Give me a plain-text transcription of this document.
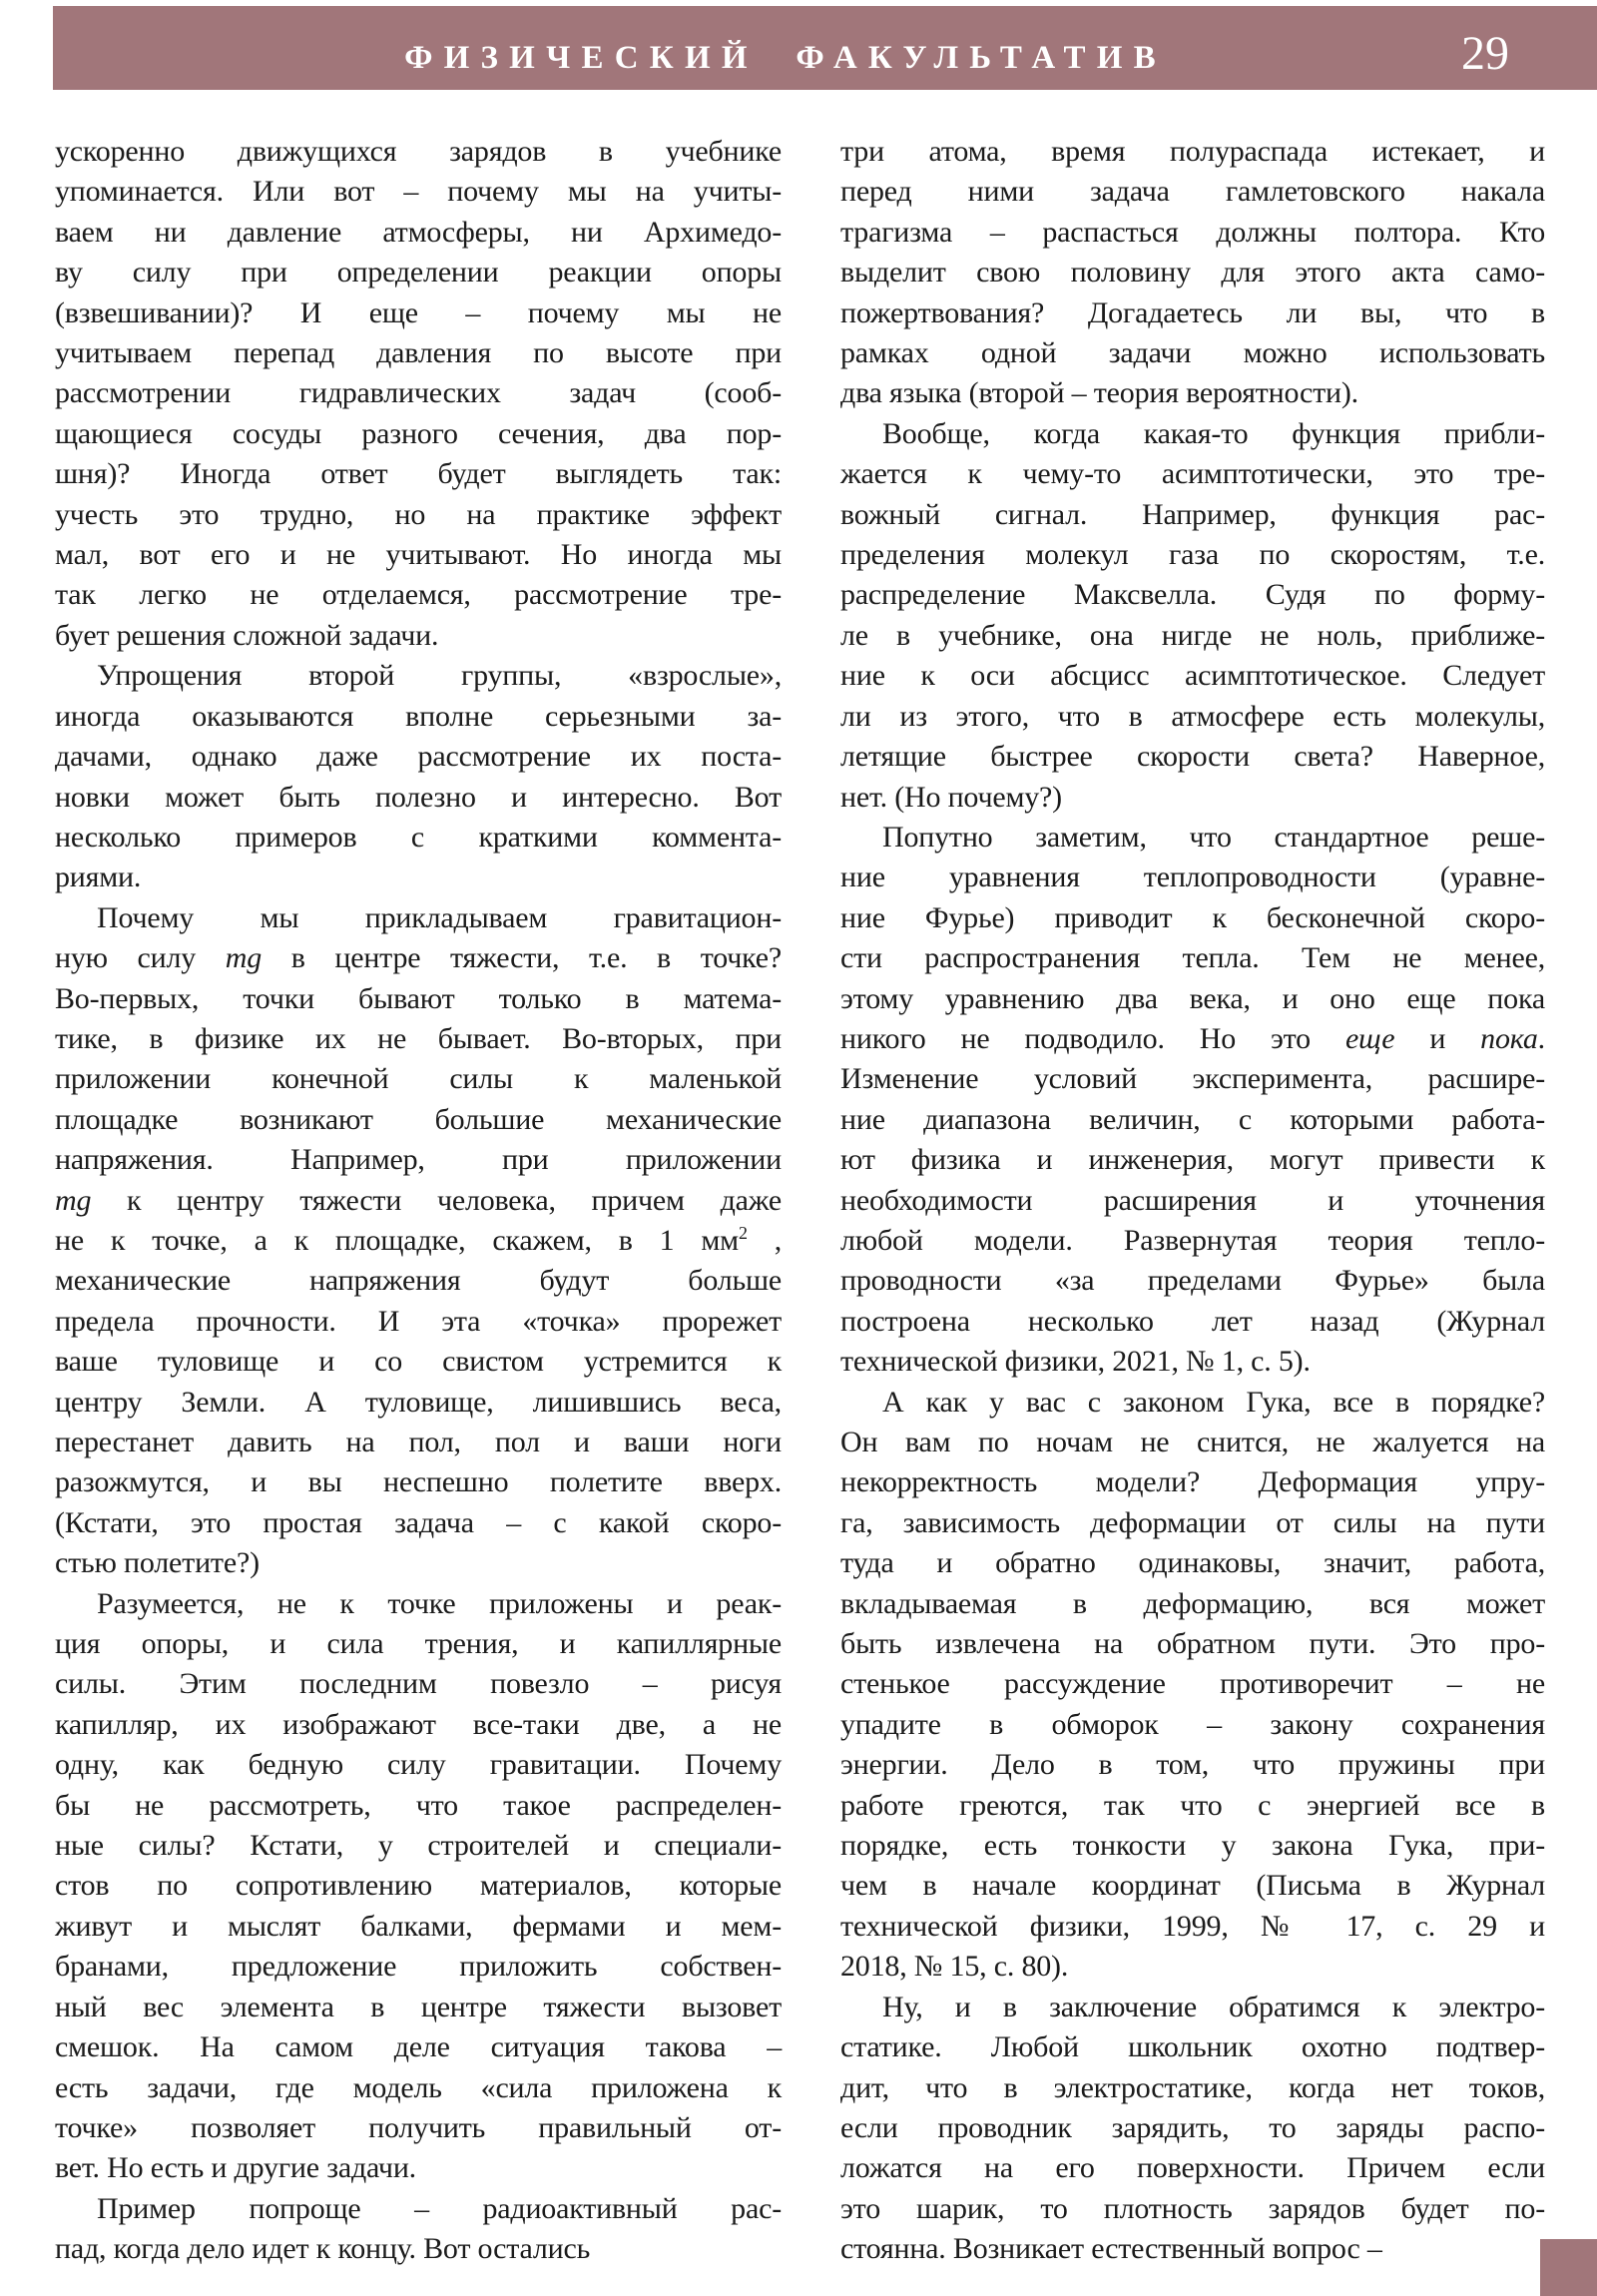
ФИЗИЧЕСКИЙ ФАКУЛЬТАТИВ	29
ускоренно движущихся зарядов в учебнике
упоминается. Или вот – почему мы на учиты-
ваем ни давление атмосферы, ни Архимедо-
ву силу при определении реакции опоры
(взвешивании)? И еще – почему мы не
учитываем перепад давления по высоте при
рассмотрении гидравлических задач (сооб-
щающиеся сосуды разного сечения, два пор-
шня)? Иногда ответ будет выглядеть так:
учесть это трудно, но на практике эффект
мал, вот его и не учитывают. Но иногда мы
так легко не отделаемся, рассмотрение тре-
бует решения сложной задачи.
Упрощения второй группы, «взрослые»,
иногда оказываются вполне серьезными за-
дачами, однако даже рассмотрение их поста-
новки может быть полезно и интересно. Вот
несколько примеров с краткими коммента-
риями.
Почему мы прикладываем гравитацион-
ную силу mg в центре тяжести, т.е. в точке?
Во-первых, точки бывают только в матема-
тике, в физике их не бывает. Во-вторых, при
приложении конечной силы к маленькой
площадке возникают большие механические
напряжения. Например, при приложении
mg к центру тяжести человека, причем даже
не к точке, а к площадке, скажем, в 1 $мм^2$ ,
механические напряжения будут больше
предела прочности. И эта «точка» прорежет
ваше туловище и со свистом устремится к
центру Земли. А туловище, лишившись веса,
перестанет давить на пол, пол и ваши ноги
разожмутся, и вы неспешно полетите вверх.
(Кстати, это простая задача – с какой скоро-
стью полетите?)
Разумеется, не к точке приложены и реак-
ция опоры, и сила трения, и капиллярные
силы. Этим последним повезло – рисуя
капилляр, их изображают все-таки две, а не
одну, как бедную силу гравитации. Почему
бы не рассмотреть, что такое распределен-
ные силы? Кстати, у строителей и специали-
стов по сопротивлению материалов, которые
живут и мыслят балками, фермами и мем-
бранами, предложение приложить собствен-
ный вес элемента в центре тяжести вызовет
смешок. На самом деле ситуация такова –
есть задачи, где модель «сила приложена к
точке» позволяет получить правильный от-
вет. Но есть и другие задачи.
Пример попроще – радиоактивный рас-
пад, когда дело идет к концу. Вот остались
три атома, время полураспада истекает, и
перед ними задача гамлетовского накала
трагизма – распасться должны полтора. Кто
выделит свою половину для этого акта само-
пожертвования? Догадаетесь ли вы, что в
рамках одной задачи можно использовать
два языка (второй – теория вероятности).
Вообще, когда какая-то функция прибли-
жается к чему-то асимптотически, это тре-
вожный сигнал. Например, функция рас-
пределения молекул газа по скоростям, т.е.
распределение Максвелла. Судя по форму-
ле в учебнике, она нигде не ноль, приближе-
ние к оси абсцисс асимптотическое. Следует
ли из этого, что в атмосфере есть молекулы,
летящие быстрее скорости света? Наверное,
нет. (Но почему?)
Попутно заметим, что стандартное реше-
ние уравнения теплопроводности (уравне-
ние Фурье) приводит к бесконечной скоро-
сти распространения тепла. Тем не менее,
этому уравнению два века, и оно еще пока
никого не подводило. Но это еще и пока.
Изменение условий эксперимента, расшире-
ние диапазона величин, с которыми работа-
ют физика и инженерия, могут привести к
необходимости расширения и уточнения
любой модели. Развернутая теория тепло-
проводности «за пределами Фурье» была
построена несколько лет назад (Журнал
технической физики, 2021, № 1, с. 5).
А как у вас с законом Гука, все в порядке?
Он вам по ночам не снится, не жалуется на
некорректность модели? Деформация упру-
га, зависимость деформации от силы на пути
туда и обратно одинаковы, значит, работа,
вкладываемая в деформацию, вся может
быть извлечена на обратном пути. Это про-
стенькое рассуждение противоречит – не
упадите в обморок – закону сохранения
энергии. Дело в том, что пружины при
работе греются, так что с энергией все в
порядке, есть тонкости у закона Гука, при-
чем в начале координат (Письма в Журнал
технической физики, 1999, № 17, с. 29 и
2018, № 15, с. 80).
Ну, и в заключение обратимся к электро-
статике. Любой школьник охотно подтвер-
дит, что в электростатике, когда нет токов,
если проводник зарядить, то заряды распо-
ложатся на его поверхности. Причем если
это шарик, то плотность зарядов будет по-
стоянна. Возникает естественный вопрос –
